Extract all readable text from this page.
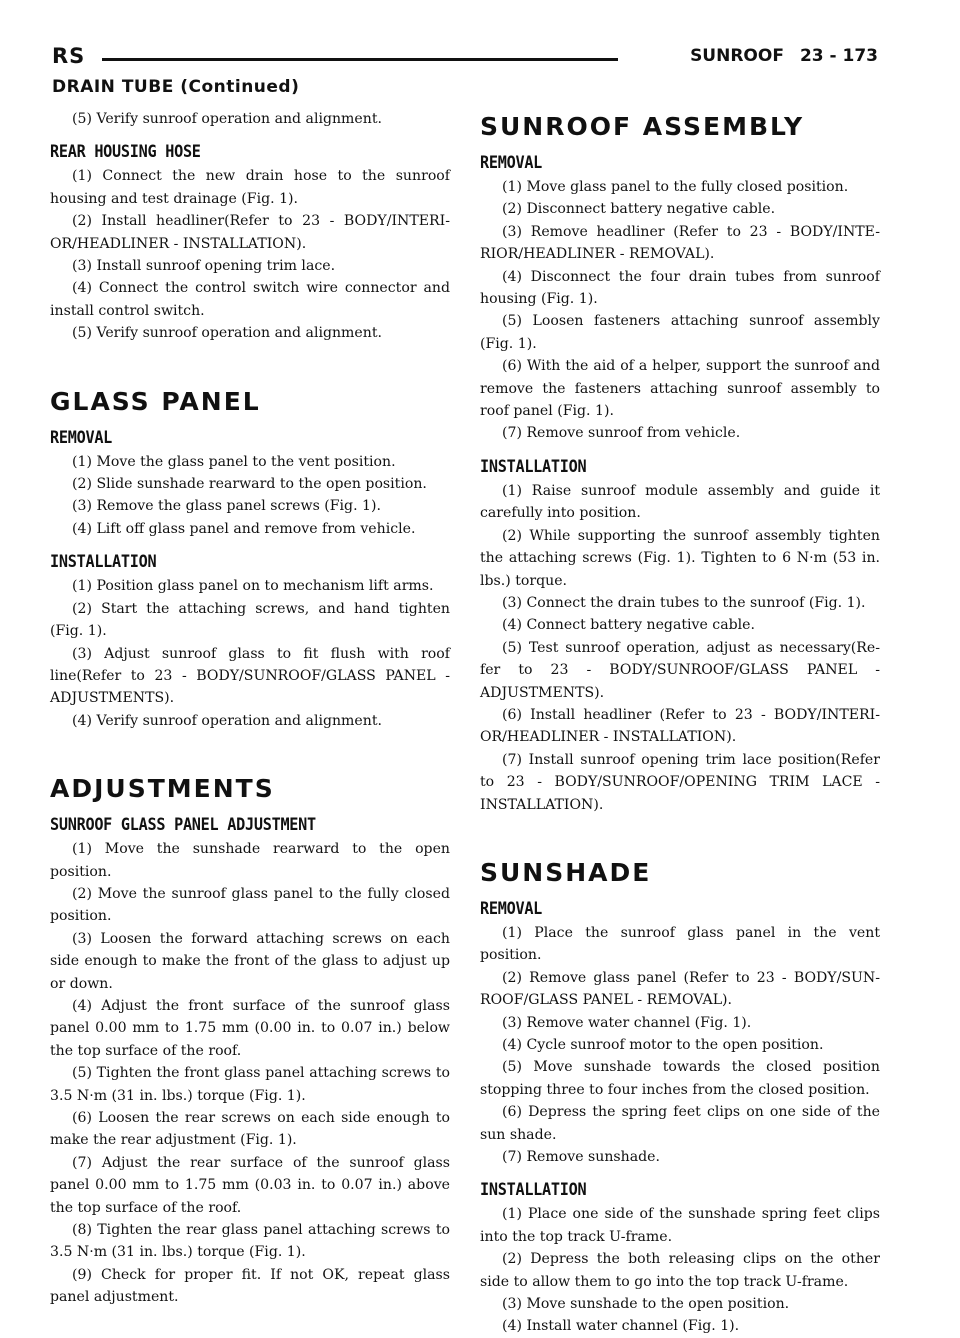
RS	SUNROOF 23 - 173
DRAIN TUBE (Continued)

(5) Verify sunroof operation and alignment.

REAR HOUSING HOSE

(1) Connect the new drain hose to the sunroof housing and test drainage (Fig. 1).

(2) Install headliner(Refer to 23 - BODY/INTERI-OR/HEADLINER - INSTALLATION).

(3) Install sunroof opening trim lace.

(4) Connect the control switch wire connector and install control switch.

(5) Verify sunroof operation and alignment.

GLASS PANEL
REMOVAL

(1) Move the glass panel to the vent position.

(2) Slide sunshade rearward to the open position.

(3) Remove the glass panel screws (Fig. 1).

(4) Lift off glass panel and remove from vehicle.

INSTALLATION

(1) Position glass panel on to mechanism lift arms.

(2) Start the attaching screws, and hand tighten (Fig. 1).

(3) Adjust sunroof glass to fit flush with roof line(Refer to 23 - BODY/SUNROOF/GLASS PANEL - ADJUSTMENTS).

(4) Verify sunroof operation and alignment.

ADJUSTMENTS
SUNROOF GLASS PANEL ADJUSTMENT

(1) Move the sunshade rearward to the open position.

(2) Move the sunroof glass panel to the fully closed position.

(3) Loosen the forward attaching screws on each side enough to make the front of the glass to adjust up or down.

(4) Adjust the front surface of the sunroof glass panel 0.00 mm to 1.75 mm (0.00 in. to 0.07 in.) below the top surface of the roof.

(5) Tighten the front glass panel attaching screws to 3.5 N·m (31 in. lbs.) torque (Fig. 1).

(6) Loosen the rear screws on each side enough to make the rear adjustment (Fig. 1).

(7) Adjust the rear surface of the sunroof glass panel 0.00 mm to 1.75 mm (0.03 in. to 0.07 in.) above the top surface of the roof.

(8) Tighten the rear glass panel attaching screws to 3.5 N·m (31 in. lbs.) torque (Fig. 1).

(9) Check for proper fit. If not OK, repeat glass panel adjustment.

SUNROOF ASSEMBLY
REMOVAL

(1) Move glass panel to the fully closed position.

(2) Disconnect battery negative cable.

(3) Remove headliner (Refer to 23 - BODY/INTE-RIOR/HEADLINER - REMOVAL).

(4) Disconnect the four drain tubes from sunroof housing (Fig. 1).

(5) Loosen fasteners attaching sunroof assembly (Fig. 1).

(6) With the aid of a helper, support the sunroof and remove the fasteners attaching sunroof assembly to roof panel (Fig. 1).

(7) Remove sunroof from vehicle.

INSTALLATION

(1) Raise sunroof module assembly and guide it carefully into position.

(2) While supporting the sunroof assembly tighten the attaching screws (Fig. 1). Tighten to 6 N·m (53 in. lbs.) torque.

(3) Connect the drain tubes to the sunroof (Fig. 1).

(4) Connect battery negative cable.

(5) Test sunroof operation, adjust as necessary(Re-fer to 23 - BODY/SUNROOF/GLASS PANEL - ADJUSTMENTS).

(6) Install headliner (Refer to 23 - BODY/INTERI-OR/HEADLINER - INSTALLATION).

(7) Install sunroof opening trim lace position(Refer to 23 - BODY/SUNROOF/OPENING TRIM LACE - INSTALLATION).

SUNSHADE
REMOVAL

(1) Place the sunroof glass panel in the vent position.

(2) Remove glass panel (Refer to 23 - BODY/SUN-ROOF/GLASS PANEL - REMOVAL).

(3) Remove water channel (Fig. 1).

(4) Cycle sunroof motor to the open position.

(5) Move sunshade towards the closed position stopping three to four inches from the closed position.

(6) Depress the spring feet clips on one side of the sun shade.

(7) Remove sunshade.

INSTALLATION

(1) Place one side of the sunshade spring feet clips into the top track U-frame.

(2) Depress the both releasing clips on the other side to allow them to go into the top track U-frame.

(3) Move sunshade to the open position.

(4) Install water channel (Fig. 1).
